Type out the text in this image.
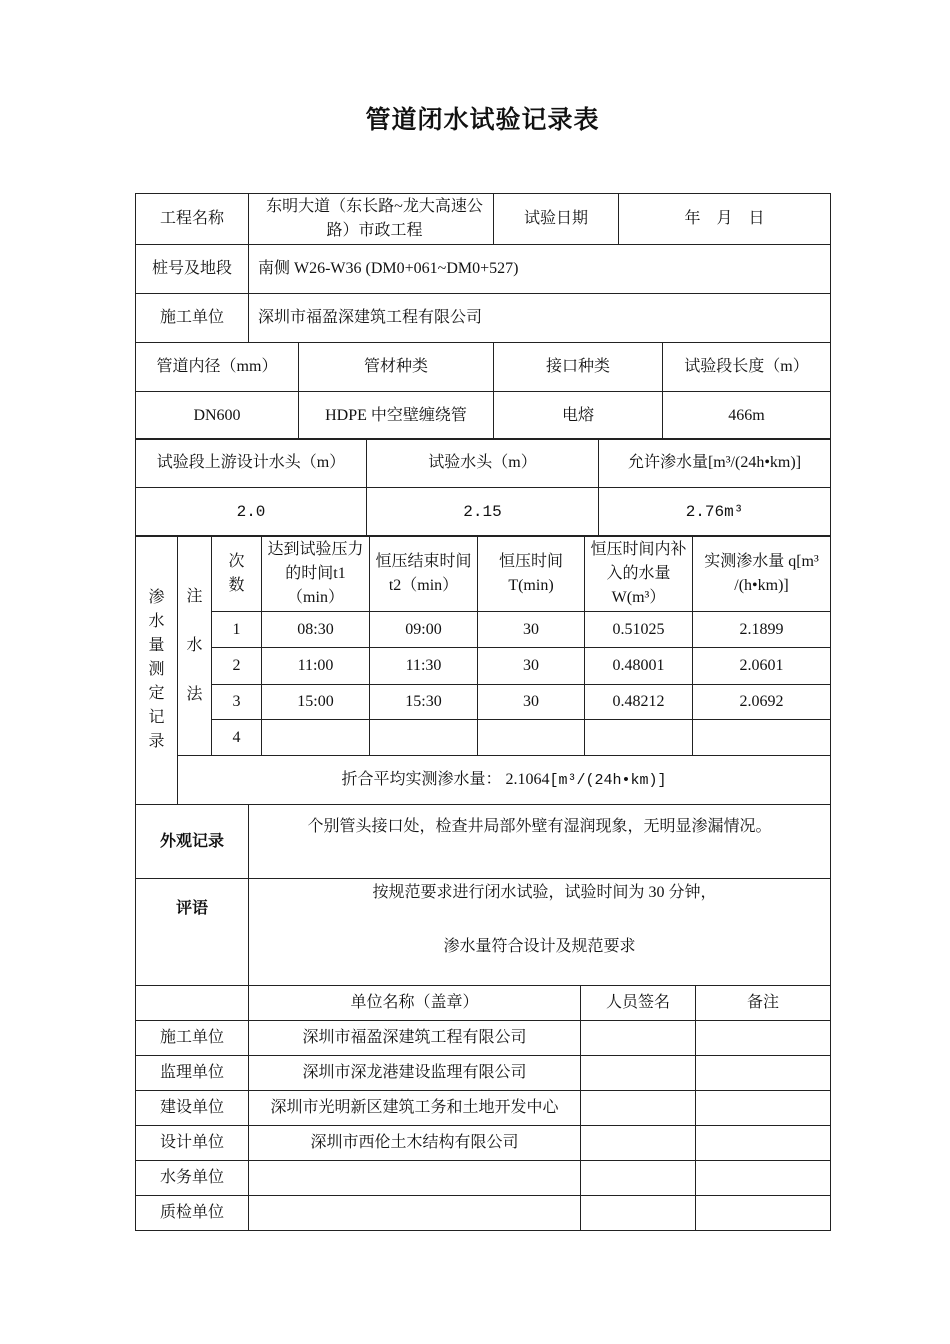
管道闭水试验记录表
工程名称	东明大道（东长路~龙大高速公路）市政工程	试验日期	年　月　日
桩号及地段	南侧 W26-W36 (DM0+061~DM0+527)		
施工单位	深圳市福盈深建筑工程有限公司		
管道内径（mm）	管材种类	接口种类	试验段长度（m）
DN600	HDPE 中空壁缠绕管	电熔	466m
试验段上游设计水头（m）	试验水头（m）	允许渗水量[m³/(24h•km)]
2.0	2.15	2.76m³
渗水量测定记录	注水法	次数	达到试验压力的时间t1（min）	恒压结束时间 t2（min）	恒压时间T(min)	恒压时间内补入的水量W(m³）	实测渗水量 q[m³ /(h•km)]
		1	08:30	09:00	30	0.51025	2.1899
		2	11:00	11:30	30	0.48001	2.0601
		3	15:00	15:30	30	0.48212	2.0692
		4					
	折合平均实测渗水量： 2.1064[m³/(24h•km)]						
外观记录	个别管头接口处，检查井局部外壁有湿润现象，无明显渗漏情况。
评语	按规范要求进行闭水试验，试验时间为 30 分钟，
渗水量符合设计及规范要求
	单位名称（盖章）	人员签名	备注
施工单位	深圳市福盈深建筑工程有限公司		
监理单位	深圳市深龙港建设监理有限公司		
建设单位	深圳市光明新区建筑工务和土地开发中心		
设计单位	深圳市西伦土木结构有限公司		
水务单位			
质检单位			
